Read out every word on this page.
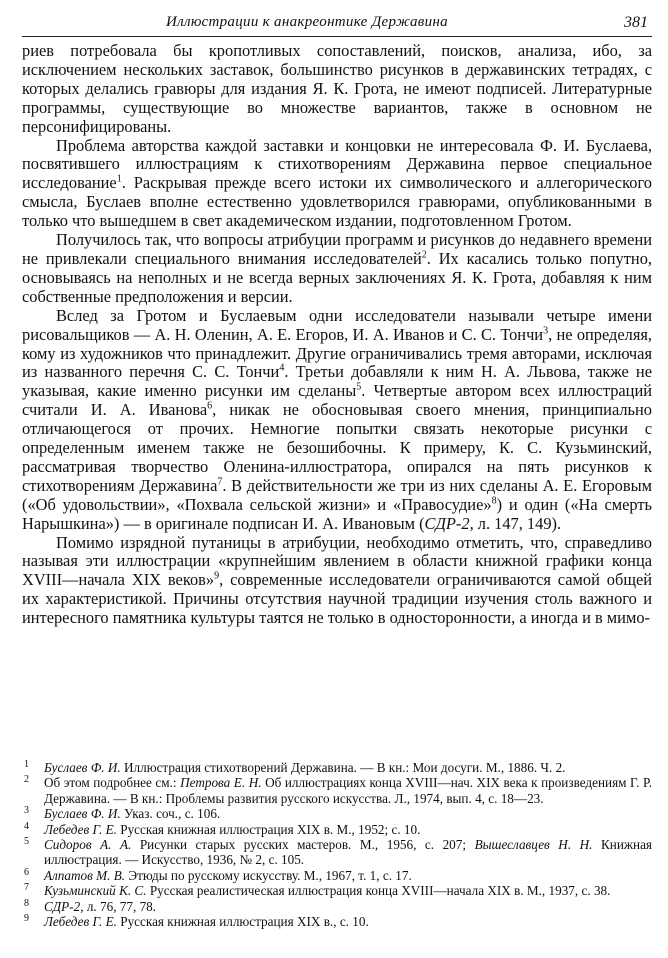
Иллюстрации к анакреонтике Державина	381

риев потребовала бы кропотливых сопоставлений, поисков, анализа, ибо, за исключением нескольких заставок, большинство рисунков в державинских тетрадях, с которых делались гравюры для издания Я. К. Грота, не имеют подписей. Литературные программы, существующие во множестве вариантов, также в основном не персонифицированы.

Проблема авторства каждой заставки и концовки не интересовала Ф. И. Буслаева, посвятившего иллюстрациям к стихотворениям Державина первое специальное исследование$^1$. Раскрывая прежде всего истоки их символического и аллегорического смысла, Буслаев вполне естественно удовлетворился гравюрами, опубликованными в только что вышедшем в свет академическом издании, подготовленном Гротом.

Получилось так, что вопросы атрибуции программ и рисунков до недавнего времени не привлекали специального внимания исследователей$^2$. Их касались только попутно, основываясь на неполных и не всегда верных заключениях Я. К. Грота, добавляя к ним собственные предположения и версии.

Вслед за Гротом и Буслаевым одни исследователи называли четыре имени рисовальщиков — А. Н. Оленин, А. Е. Егоров, И. А. Иванов и С. С. Тончи$^3$, не определяя, кому из художников что принадлежит. Другие ограничивались тремя авторами, исключая из названного перечня С. С. Тончи$^4$. Третьи добавляли к ним Н. А. Львова, также не указывая, какие именно рисунки им сделаны$^5$. Четвертые автором всех иллюстраций считали И. А. Иванова$^6$, никак не обосновывая своего мнения, принципиально отличающегося от прочих. Немногие попытки связать некоторые рисунки с определенным именем также не безошибочны. К примеру, К. С. Кузьминский, рассматривая творчество Оленина-иллюстратора, опирался на пять рисунков к стихотворениям Державина$^7$. В действительности же три из них сделаны А. Е. Егоровым («Об удовольствии», «Похвала сельской жизни» и «Правосудие»$^8$) и один («На смерть Нарышкина») — в оригинале подписан И. А. Ивановым (СДР-2, л. 147, 149).

Помимо изрядной путаницы в атрибуции, необходимо отметить, что, справедливо называя эти иллюстрации «крупнейшим явлением в области книжной графики конца XVIII—начала XIX веков»$^9$, современные исследователи ограничиваются самой общей их характеристикой. Причины отсутствия научной традиции изучения столь важного и интересного памятника культуры таятся не только в односторонности, а иногда и в мимо-

1 Буслаев Ф. И. Иллюстрация стихотворений Державина. — В кн.: Мои досуги. М., 1886. Ч. 2.

2 Об этом подробнее см.: Петрова Е. Н. Об иллюстрациях конца XVIII—нач. XIX века к произведениям Г. Р. Державина. — В кн.: Проблемы развития русского искусства. Л., 1974, вып. 4, с. 18—23.

3 Буслаев Ф. И. Указ. соч., с. 106.

4 Лебедев Г. Е. Русская книжная иллюстрация XIX в. М., 1952; с. 10.

5 Сидоров А. А. Рисунки старых русских мастеров. М., 1956, с. 207; Вышеславцев Н. Н. Книжная иллюстрация. — Искусство, 1936, № 2, с. 105.

6 Алпатов М. В. Этюды по русскому искусству. М., 1967, т. 1, с. 17.

7 Кузьминский К. С. Русская реалистическая иллюстрация конца XVIII—начала XIX в. М., 1937, с. 38.

8 СДР-2, л. 76, 77, 78.

9 Лебедев Г. Е. Русская книжная иллюстрация XIX в., с. 10.
